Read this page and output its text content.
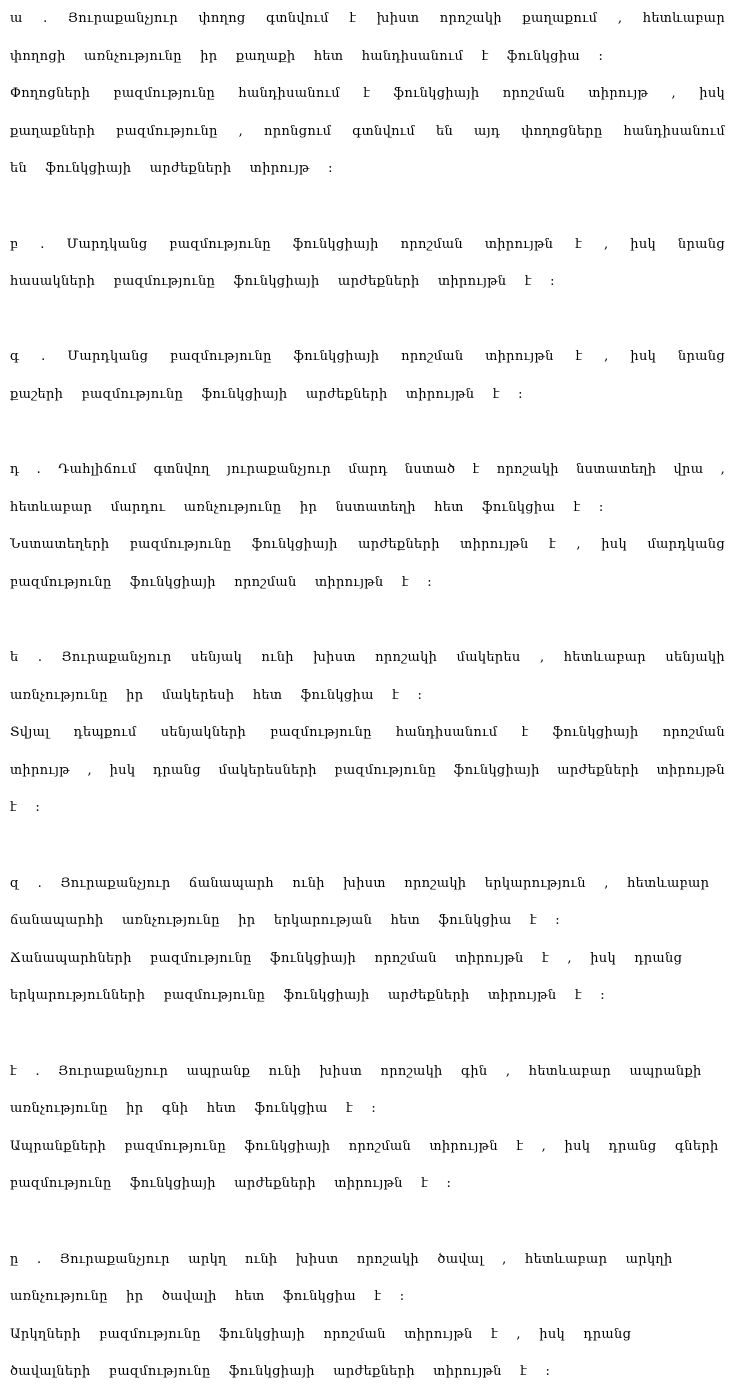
ա . Յուրաքանչյուր փողոց գտնվում է խիստ որոշակի քաղաքում , հետևաբար
փողոցի առնչությունը իր քաղաքի հետ հանդիսանում է ֆունկցիա :
Փողոցների բազմությունը հանդիսանում է ֆունկցիայի որոշման տիրույթ , իսկ
քաղաքների բազմությունը , որոնցում գտնվում են այդ փողոցները հանդիսանում
են ֆունկցիայի արժեքների տիրույթ :
բ . Մարդկանց բազմությունը ֆունկցիայի որոշման տիրույթն է , իսկ նրանց
հասակների բազմությունը ֆունկցիայի արժեքների տիրույթն է :
գ . Մարդկանց բազմությունը ֆունկցիայի որոշման տիրույթն է , իսկ նրանց
քաշերի բազմությունը ֆունկցիայի արժեքների տիրույթն է :
դ . Դահլիճում գտնվող յուրաքանչյուր մարդ նստած է որոշակի նստատեղի վրա ,
հետևաբար մարդու առնչությունը իր նստատեղի հետ ֆունկցիա է :
Նստատեղերի բազմությունը ֆունկցիայի արժեքների տիրույթն է , իսկ մարդկանց
բազմությունը ֆունկցիայի որոշման տիրույթն է :
ե . Յուրաքանչյուր սենյակ ունի խիստ որոշակի մակերես , հետևաբար սենյակի
առնչությունը իր մակերեսի հետ ֆունկցիա է :
Տվյալ դեպքում սենյակների բազմությունը հանդիսանում է ֆունկցիայի որոշման
տիրույթ , իսկ դրանց մակերեսների բազմությունը ֆունկցիայի արժեքների տիրույթն
է :
զ . Յուրաքանչյուր ճանապարհ ունի խիստ որոշակի երկարություն , հետևաբար
ճանապարհի առնչությունը իր երկարության հետ ֆունկցիա է :
Ճանապարհների բազմությունը ֆունկցիայի որոշման տիրույթն է , իսկ դրանց
երկարությունների բազմությունը ֆունկցիայի արժեքների տիրույթն է :
է . Յուրաքանչյուր ապրանք ունի խիստ որոշակի գին , հետևաբար ապրանքի
առնչությունը իր գնի հետ ֆունկցիա է :
Ապրանքների բազմությունը ֆունկցիայի որոշման տիրույթն է , իսկ դրանց գների
բազմությունը ֆունկցիայի արժեքների տիրույթն է :
ը . Յուրաքանչյուր արկղ ունի խիստ որոշակի ծավալ , հետևաբար արկղի
առնչությունը իր ծավալի հետ ֆունկցիա է :
Արկղների բազմությունը ֆունկցիայի որոշման տիրույթն է , իսկ դրանց
ծավալների բազմությունը ֆունկցիայի արժեքների տիրույթն է :
